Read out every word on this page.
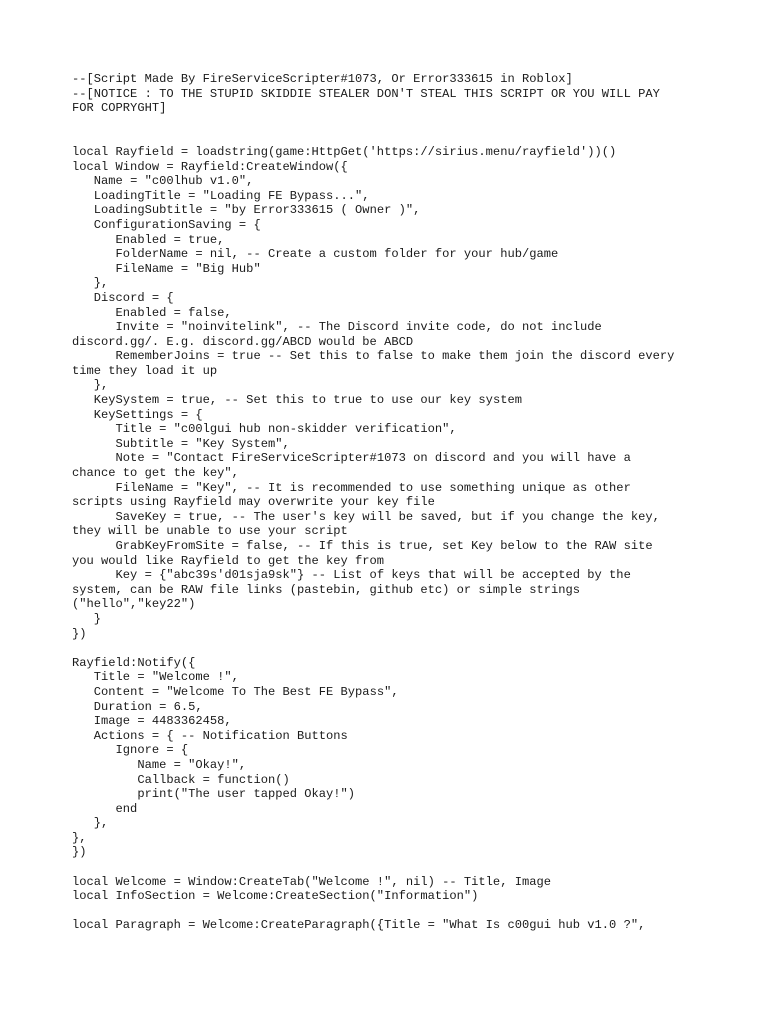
--[Script Made By FireServiceScripter#1073, Or Error333615 in Roblox]
--[NOTICE : TO THE STUPID SKIDDIE STEALER DON'T STEAL THIS SCRIPT OR YOU WILL PAY
FOR COPRYGHT]

local Rayfield = loadstring(game:HttpGet('https://sirius.menu/rayfield'))()
local Window = Rayfield:CreateWindow({
Name = "c00lhub v1.0",
LoadingTitle = "Loading FE Bypass...",
LoadingSubtitle = "by Error333615 ( Owner )",
ConfigurationSaving = {
Enabled = true,
FolderName = nil, -- Create a custom folder for your hub/game
FileName = "Big Hub"
},
Discord = {
Enabled = false,
Invite = "noinvitelink", -- The Discord invite code, do not include
discord.gg/. E.g. discord.gg/ABCD would be ABCD
RememberJoins = true -- Set this to false to make them join the discord every
time they load it up
},
KeySystem = true, -- Set this to true to use our key system
KeySettings = {
Title = "c00lgui hub non-skidder verification",
Subtitle = "Key System",
Note = "Contact FireServiceScripter#1073 on discord and you will have a
chance to get the key",
FileName = "Key", -- It is recommended to use something unique as other
scripts using Rayfield may overwrite your key file
SaveKey = true, -- The user's key will be saved, but if you change the key,
they will be unable to use your script
GrabKeyFromSite = false, -- If this is true, set Key below to the RAW site
you would like Rayfield to get the key from
Key = {"abc39s'd01sja9sk"} -- List of keys that will be accepted by the
system, can be RAW file links (pastebin, github etc) or simple strings
("hello","key22")
}
})

Rayfield:Notify({
Title = "Welcome !",
Content = "Welcome To The Best FE Bypass",
Duration = 6.5,
Image = 4483362458,
Actions = { -- Notification Buttons
Ignore = {
Name = "Okay!",
Callback = function()
print("The user tapped Okay!")
end
},
},
})

local Welcome = Window:CreateTab("Welcome !", nil) -- Title, Image
local InfoSection = Welcome:CreateSection("Information")

local Paragraph = Welcome:CreateParagraph({Title = "What Is c00gui hub v1.0 ?",
